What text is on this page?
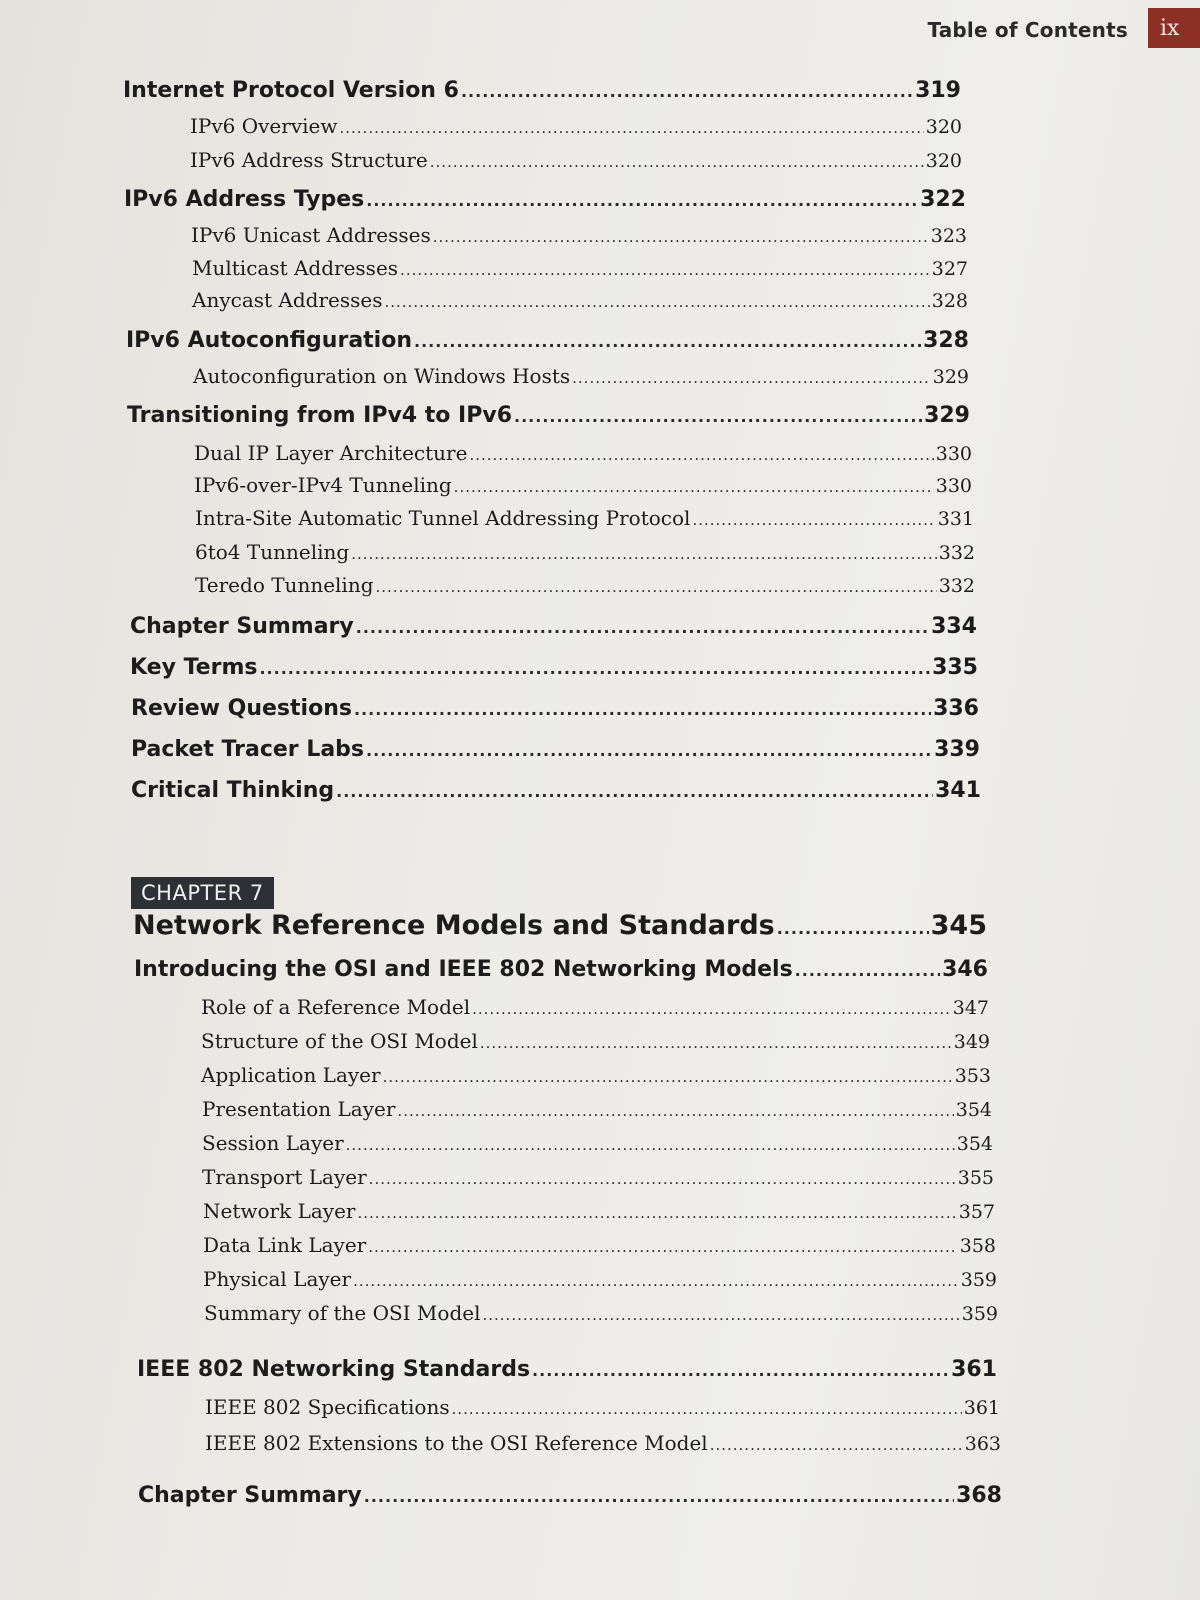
Table of Contents	ix
Internet Protocol Version 6 .....	319
IPv6 Overview .....	320
IPv6 Address Structure .....	320
IPv6 Address Types .....	322
IPv6 Unicast Addresses .....	323
Multicast Addresses .....	327
Anycast Addresses .....	328
IPv6 Autoconfiguration .....	328
Autoconfiguration on Windows Hosts .....	329
Transitioning from IPv4 to IPv6 .....	329
Dual IP Layer Architecture .....	330
IPv6-over-IPv4 Tunneling .....	330
Intra-Site Automatic Tunnel Addressing Protocol .....	331
6to4 Tunneling .....	332
Teredo Tunneling .....	332
Chapter Summary .....	334
Key Terms .....	335
Review Questions .....	336
Packet Tracer Labs .....	339
Critical Thinking .....	341
CHAPTER 7
Network Reference Models and Standards .....	345
Introducing the OSI and IEEE 802 Networking Models .....	346
Role of a Reference Model .....	347
Structure of the OSI Model .....	349
Application Layer .....	353
Presentation Layer .....	354
Session Layer .....	354
Transport Layer .....	355
Network Layer .....	357
Data Link Layer .....	358
Physical Layer .....	359
Summary of the OSI Model .....	359
IEEE 802 Networking Standards .....	361
IEEE 802 Specifications .....	361
IEEE 802 Extensions to the OSI Reference Model .....	363
Chapter Summary .....	368
